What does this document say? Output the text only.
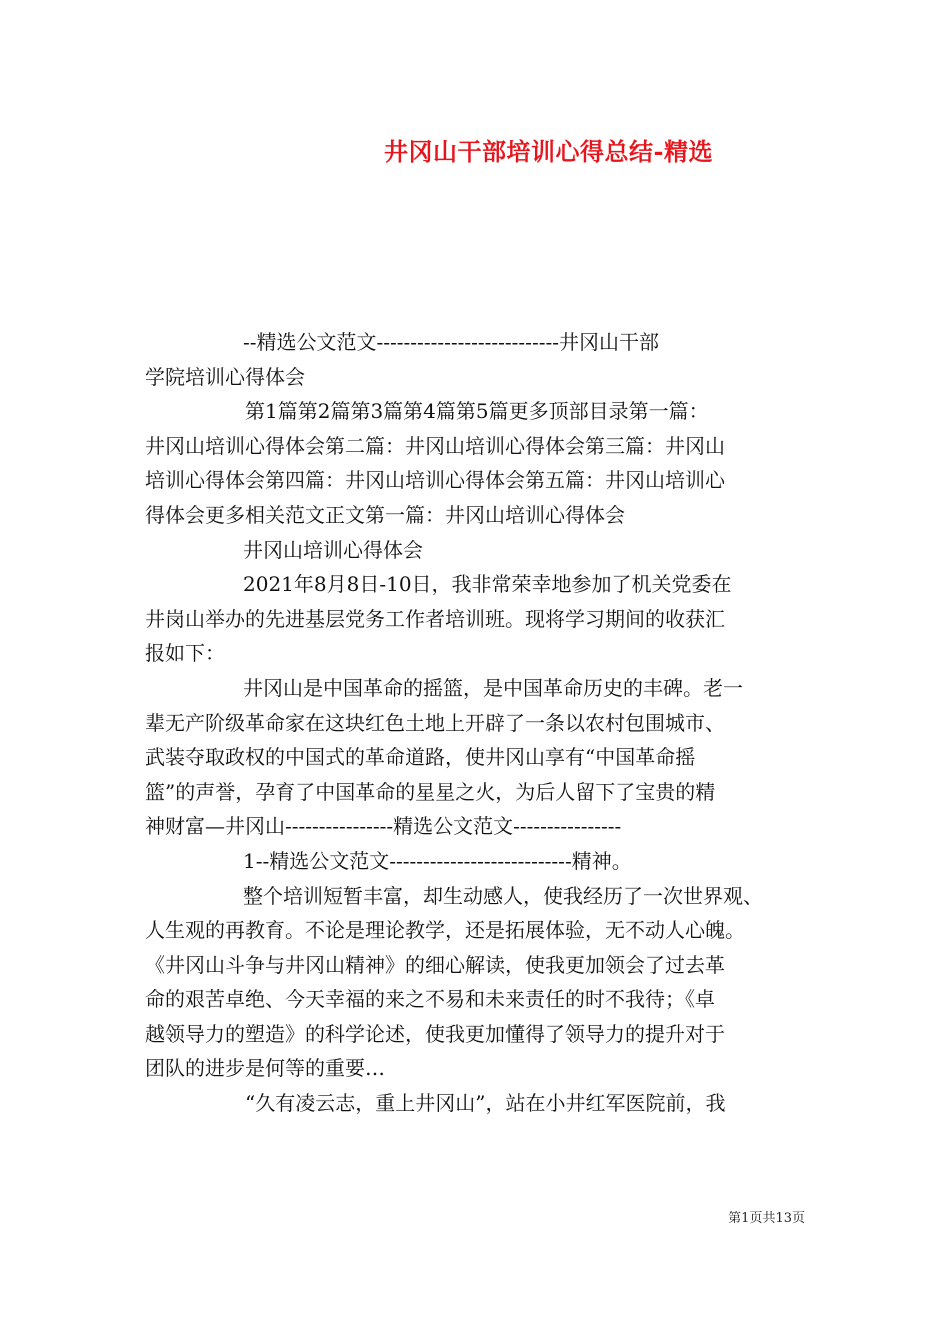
井冈山干部培训心得总结-精选
--精选公文范文---------------------------井冈山干部
学院培训心得体会
第1篇第2篇第3篇第4篇第5篇更多顶部目录第一篇：
井冈山培训心得体会第二篇：井冈山培训心得体会第三篇：井冈山
培训心得体会第四篇：井冈山培训心得体会第五篇：井冈山培训心
得体会更多相关范文正文第一篇：井冈山培训心得体会
井冈山培训心得体会
2021年8月8日-10日，我非常荣幸地参加了机关党委在
井岗山举办的先进基层党务工作者培训班。现将学习期间的收获汇
报如下：
井冈山是中国革命的摇篮，是中国革命历史的丰碑。老一
辈无产阶级革命家在这块红色土地上开辟了一条以农村包围城市、
武装夺取政权的中国式的革命道路，使井冈山享有“中国革命摇
篮”的声誉，孕育了中国革命的星星之火，为后人留下了宝贵的精
神财富—井冈山----------------精选公文范文----------------
1--精选公文范文---------------------------精神。
整个培训短暂丰富，却生动感人，使我经历了一次世界观、
人生观的再教育。不论是理论教学，还是拓展体验，无不动人心魄。
《井冈山斗争与井冈山精神》的细心解读，使我更加领会了过去革
命的艰苦卓绝、今天幸福的来之不易和未来责任的时不我待；《卓
越领导力的塑造》的科学论述，使我更加懂得了领导力的提升对于
团队的进步是何等的重要…
“久有凌云志，重上井冈山”，站在小井红军医院前，我
第1页共13页
